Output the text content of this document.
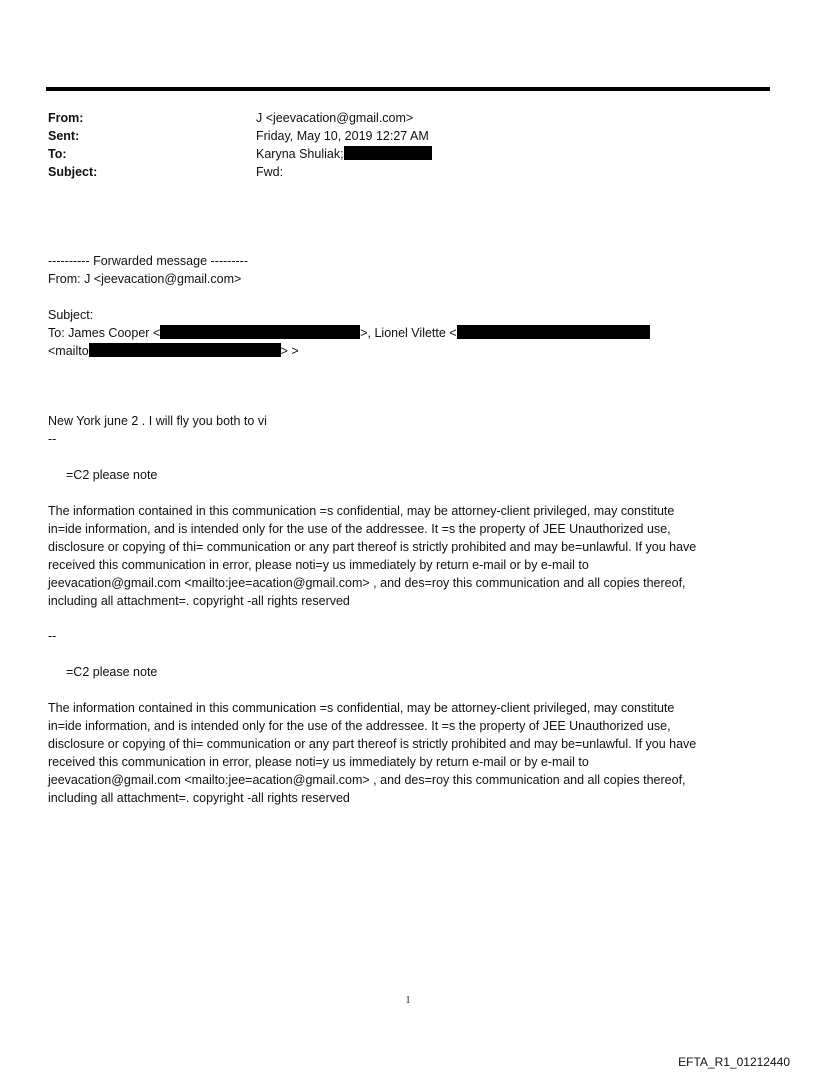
From:	J <jeevacation@gmail.com>
Sent:	Friday, May 10, 2019 12:27 AM
To:	Karyna Shuliak;
Subject:	Fwd:
---------- Forwarded message ---------
From: J <jeevacation@gmail.com>
Subject:
To: James Cooper <	>, Lionel Vilette <
<mailto	> >
New York june 2 . I will fly you both to vi
--
=C2 please note
The information contained in this communication =s confidential, may be attorney-client privileged, may constitute
in=ide information, and is intended only for the use of the addressee. It =s the property of JEE Unauthorized use,
disclosure or copying of thi= communication or any part thereof is strictly prohibited and may be=unlawful. If you have
received this communication in error, please noti=y us immediately by return e-mail or by e-mail to
jeevacation@gmail.com <mailto:jee=acation@gmail.com> , and des=roy this communication and all copies thereof,
including all attachment=. copyright -all rights reserved
--
=C2 please note
The information contained in this communication =s confidential, may be attorney-client privileged, may constitute
in=ide information, and is intended only for the use of the addressee. It =s the property of JEE Unauthorized use,
disclosure or copying of thi= communication or any part thereof is strictly prohibited and may be=unlawful. If you have
received this communication in error, please noti=y us immediately by return e-mail or by e-mail to
jeevacation@gmail.com <mailto:jee=acation@gmail.com> , and des=roy this communication and all copies thereof,
including all attachment=. copyright -all rights reserved
1
EFTA_R1_01212440
